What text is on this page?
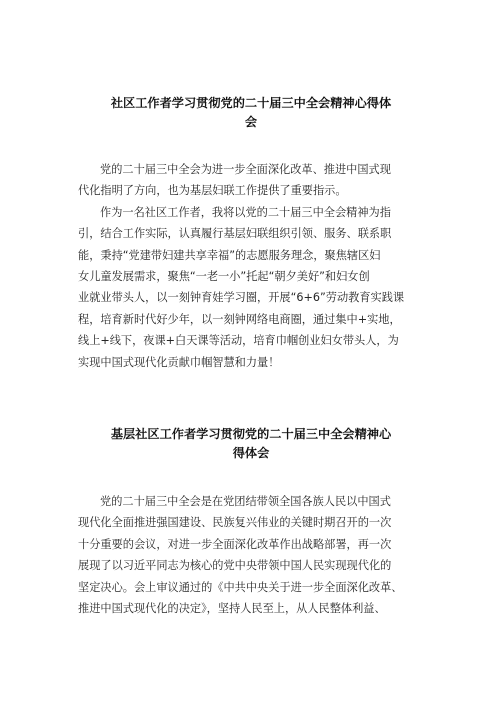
社区工作者学习贯彻党的二十届三中全会精神心得体
会

党的二十届三中全会为进一步全面深化改革、推进中国式现
代化指明了方向，也为基层妇联工作提供了重要指示。

作为一名社区工作者，我将以党的二十届三中全会精神为指
引，结合工作实际，认真履行基层妇联组织引领、服务、联系职
能，秉持“党建带妇建共享幸福”的志愿服务理念，聚焦辖区妇
女儿童发展需求，聚焦“一老一小”托起“朝夕美好”和妇女创
业就业带头人，以一刻钟育娃学习圈，开展“6+6”劳动教育实践课
程，培育新时代好少年，以一刻钟网络电商圈，通过集中+实地，
线上+线下，夜课+白天课等活动，培育巾帼创业妇女带头人，为
实现中国式现代化贡献巾帼智慧和力量！

基层社区工作者学习贯彻党的二十届三中全会精神心
得体会

党的二十届三中全会是在党团结带领全国各族人民以中国式
现代化全面推进强国建设、民族复兴伟业的关键时期召开的一次
十分重要的会议，对进一步全面深化改革作出战略部署，再一次
展现了以习近平同志为核心的党中央带领中国人民实现现代化的
坚定决心。会上审议通过的《中共中央关于进一步全面深化改革、
推进中国式现代化的决定》，坚持人民至上，从人民整体利益、
